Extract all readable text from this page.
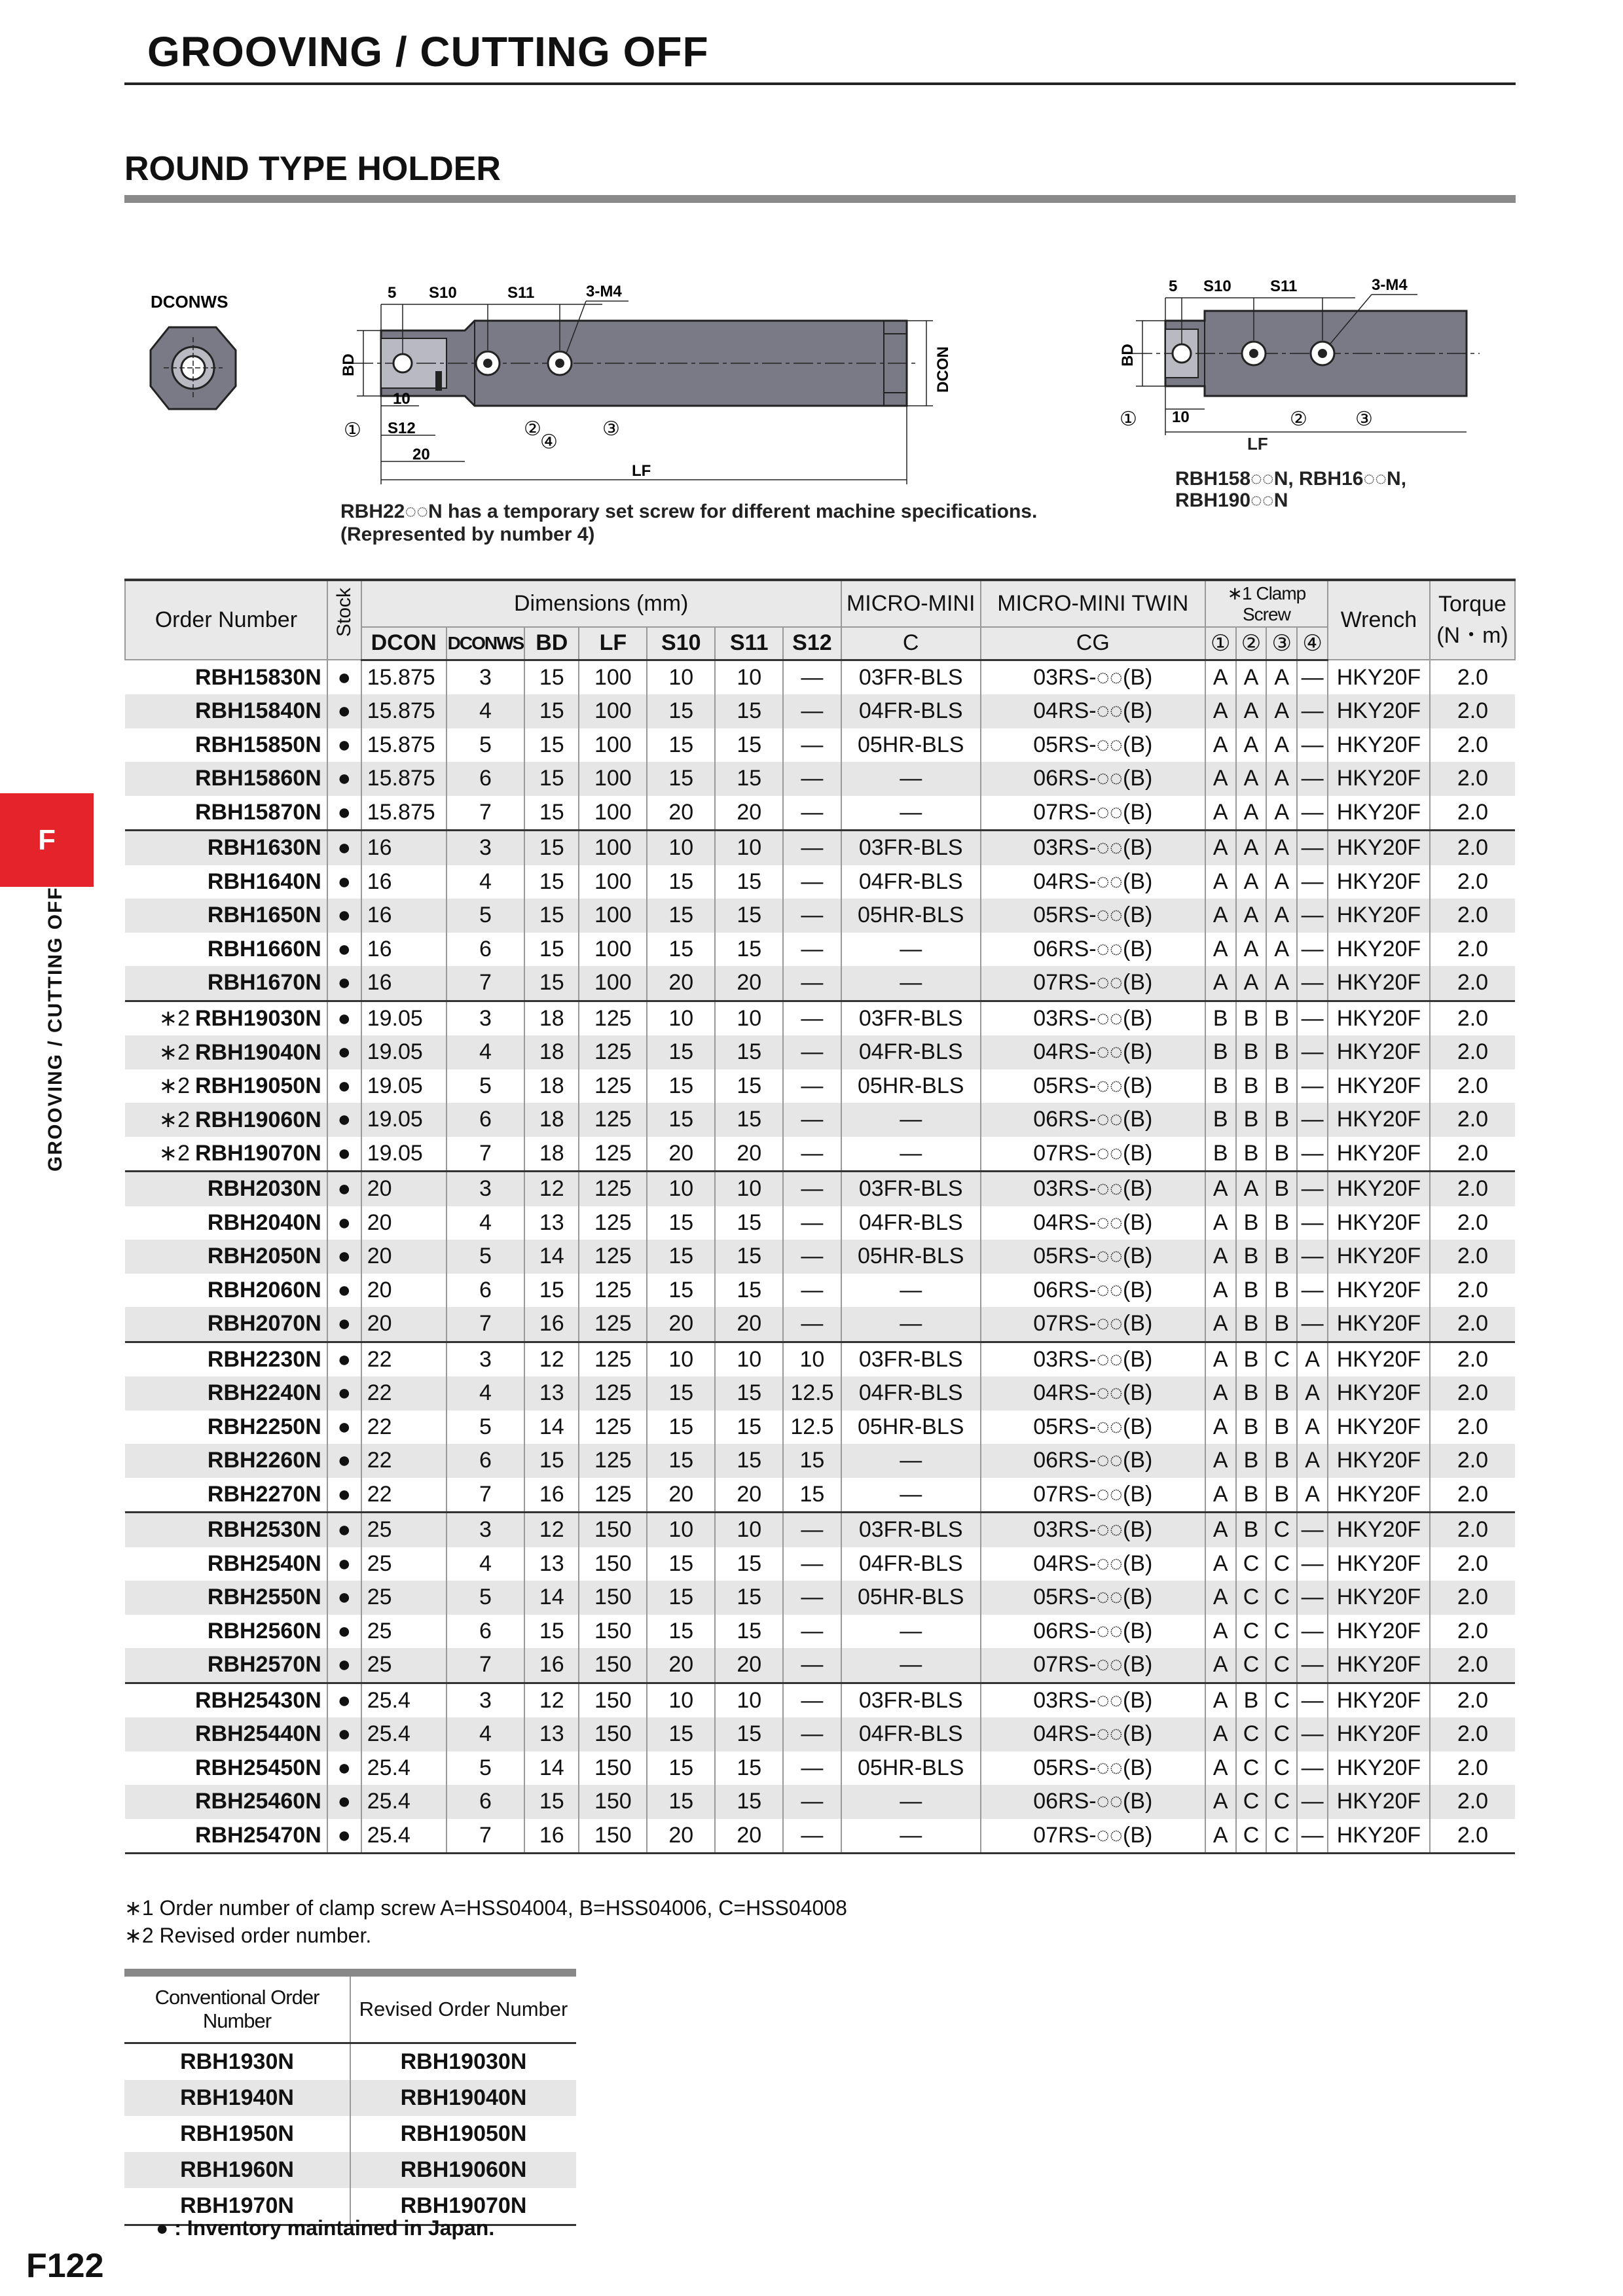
GROOVING / CUTTING OFF
ROUND TYPE HOLDER
F
GROOVING / CUTTING OFF
DCONWS	5 S10	S11	3-M4
BD	DCON
10
S12
20
LF
①
④
②	③
RBH22◌◌N has a temporary set screw for different machine specifications.
(Represented by number 4)
5 S10 S11	3-M4
BD
10
①	② ③
LF
RBH158◌◌N, RBH16◌◌N,
RBH190◌◌N
Order Number	Stock	Dimensions (mm)							MICRO-MINI	MICRO-MINI TWIN	∗1 Clamp Screw				Wrench	Torque
(N・m)

		DCON	DCONWS	BD	LF	S10	S11	S12	C	CG	①	②	③	④		
RBH15830N	●	15.875	3	15	100	10	10	—	03FR-BLS	03RS-◌◌(B)	A	A	A	—	HKY20F	2.0
RBH15840N	●	15.875	4	15	100	15	15	—	04FR-BLS	04RS-◌◌(B)	A	A	A	—	HKY20F	2.0
RBH15850N	●	15.875	5	15	100	15	15	—	05HR-BLS	05RS-◌◌(B)	A	A	A	—	HKY20F	2.0
RBH15860N	●	15.875	6	15	100	15	15	—	—	06RS-◌◌(B)	A	A	A	—	HKY20F	2.0
RBH15870N	●	15.875	7	15	100	20	20	—	—	07RS-◌◌(B)	A	A	A	—	HKY20F	2.0
RBH1630N	●	16	3	15	100	10	10	—	03FR-BLS	03RS-◌◌(B)	A	A	A	—	HKY20F	2.0
RBH1640N	●	16	4	15	100	15	15	—	04FR-BLS	04RS-◌◌(B)	A	A	A	—	HKY20F	2.0
RBH1650N	●	16	5	15	100	15	15	—	05HR-BLS	05RS-◌◌(B)	A	A	A	—	HKY20F	2.0
RBH1660N	●	16	6	15	100	15	15	—	—	06RS-◌◌(B)	A	A	A	—	HKY20F	2.0
RBH1670N	●	16	7	15	100	20	20	—	—	07RS-◌◌(B)	A	A	A	—	HKY20F	2.0
∗2 RBH19030N	●	19.05	3	18	125	10	10	—	03FR-BLS	03RS-◌◌(B)	B	B	B	—	HKY20F	2.0
∗2 RBH19040N	●	19.05	4	18	125	15	15	—	04FR-BLS	04RS-◌◌(B)	B	B	B	—	HKY20F	2.0
∗2 RBH19050N	●	19.05	5	18	125	15	15	—	05HR-BLS	05RS-◌◌(B)	B	B	B	—	HKY20F	2.0
∗2 RBH19060N	●	19.05	6	18	125	15	15	—	—	06RS-◌◌(B)	B	B	B	—	HKY20F	2.0
∗2 RBH19070N	●	19.05	7	18	125	20	20	—	—	07RS-◌◌(B)	B	B	B	—	HKY20F	2.0
RBH2030N	●	20	3	12	125	10	10	—	03FR-BLS	03RS-◌◌(B)	A	A	B	—	HKY20F	2.0
RBH2040N	●	20	4	13	125	15	15	—	04FR-BLS	04RS-◌◌(B)	A	B	B	—	HKY20F	2.0
RBH2050N	●	20	5	14	125	15	15	—	05HR-BLS	05RS-◌◌(B)	A	B	B	—	HKY20F	2.0
RBH2060N	●	20	6	15	125	15	15	—	—	06RS-◌◌(B)	A	B	B	—	HKY20F	2.0
RBH2070N	●	20	7	16	125	20	20	—	—	07RS-◌◌(B)	A	B	B	—	HKY20F	2.0
RBH2230N	●	22	3	12	125	10	10	10	03FR-BLS	03RS-◌◌(B)	A	B	C	A	HKY20F	2.0
RBH2240N	●	22	4	13	125	15	15	12.5	04FR-BLS	04RS-◌◌(B)	A	B	B	A	HKY20F	2.0
RBH2250N	●	22	5	14	125	15	15	12.5	05HR-BLS	05RS-◌◌(B)	A	B	B	A	HKY20F	2.0
RBH2260N	●	22	6	15	125	15	15	15	—	06RS-◌◌(B)	A	B	B	A	HKY20F	2.0
RBH2270N	●	22	7	16	125	20	20	15	—	07RS-◌◌(B)	A	B	B	A	HKY20F	2.0
RBH2530N	●	25	3	12	150	10	10	—	03FR-BLS	03RS-◌◌(B)	A	B	C	—	HKY20F	2.0
RBH2540N	●	25	4	13	150	15	15	—	04FR-BLS	04RS-◌◌(B)	A	C	C	—	HKY20F	2.0
RBH2550N	●	25	5	14	150	15	15	—	05HR-BLS	05RS-◌◌(B)	A	C	C	—	HKY20F	2.0
RBH2560N	●	25	6	15	150	15	15	—	—	06RS-◌◌(B)	A	C	C	—	HKY20F	2.0
RBH2570N	●	25	7	16	150	20	20	—	—	07RS-◌◌(B)	A	C	C	—	HKY20F	2.0
RBH25430N	●	25.4	3	12	150	10	10	—	03FR-BLS	03RS-◌◌(B)	A	B	C	—	HKY20F	2.0
RBH25440N	●	25.4	4	13	150	15	15	—	04FR-BLS	04RS-◌◌(B)	A	C	C	—	HKY20F	2.0
RBH25450N	●	25.4	5	14	150	15	15	—	05HR-BLS	05RS-◌◌(B)	A	C	C	—	HKY20F	2.0
RBH25460N	●	25.4	6	15	150	15	15	—	—	06RS-◌◌(B)	A	C	C	—	HKY20F	2.0
RBH25470N	●	25.4	7	16	150	20	20	—	—	07RS-◌◌(B)	A	C	C	—	HKY20F	2.0
∗1 Order number of clamp screw A=HSS04004, B=HSS04006, C=HSS04008
∗2 Revised order number.
Conventional Order Number	Revised Order Number
RBH1930N	RBH19030N
RBH1940N	RBH19040N
RBH1950N	RBH19050N
RBH1960N	RBH19060N
RBH1970N	RBH19070N
● : Inventory maintained in Japan.
F122
